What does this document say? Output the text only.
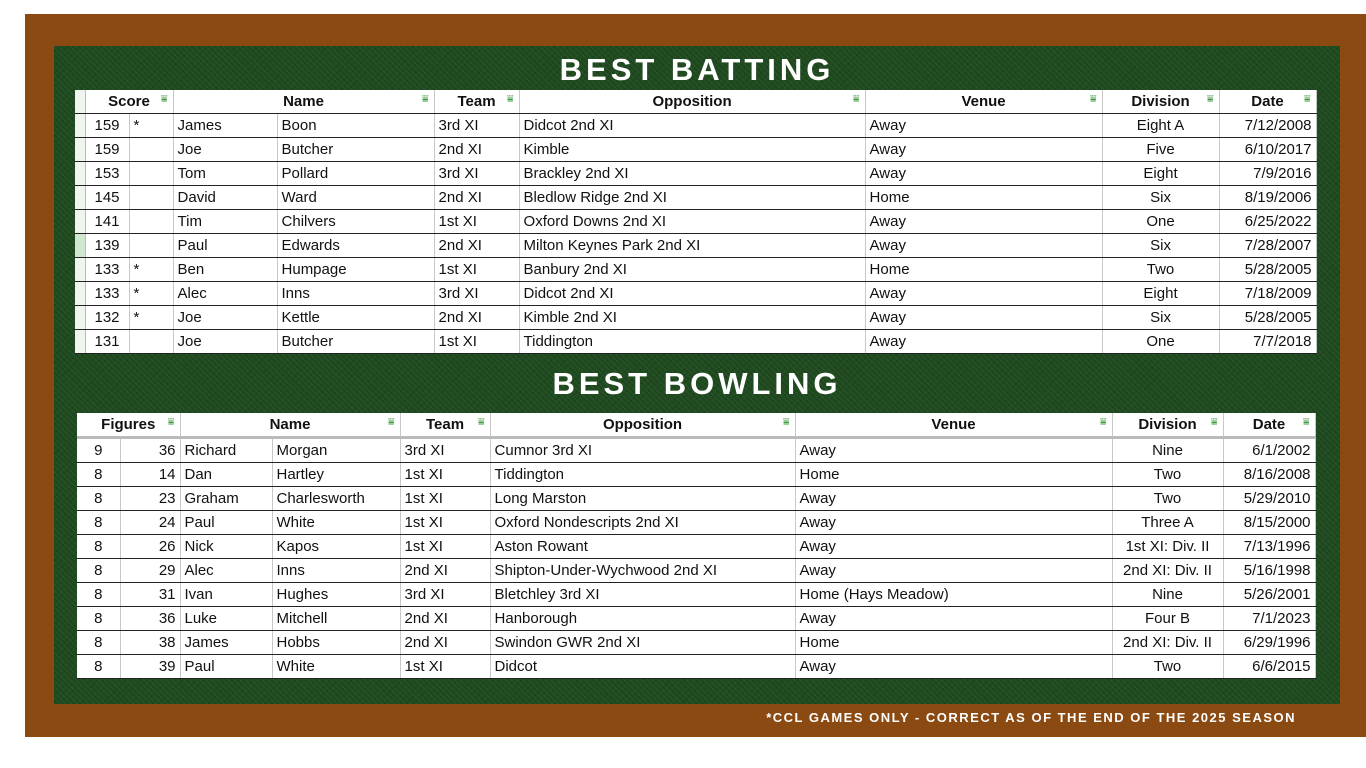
BEST BATTING
	Score ⩸		Name ⩸		Team ⩸	Opposition ⩸	Venue ⩸	Division ⩸	Date ⩸

	159	*	James	Boon	3rd XI	Didcot 2nd XI	Away	Eight A	7/12/2008
	159		Joe	Butcher	2nd XI	Kimble	Away	Five	6/10/2017
	153		Tom	Pollard	3rd XI	Brackley 2nd XI	Away	Eight	7/9/2016
	145		David	Ward	2nd XI	Bledlow Ridge 2nd XI	Home	Six	8/19/2006
	141		Tim	Chilvers	1st XI	Oxford Downs 2nd XI	Away	One	6/25/2022
	139		Paul	Edwards	2nd XI	Milton Keynes Park 2nd XI	Away	Six	7/28/2007
	133	*	Ben	Humpage	1st XI	Banbury 2nd XI	Home	Two	5/28/2005
	133	*	Alec	Inns	3rd XI	Didcot 2nd XI	Away	Eight	7/18/2009
	132	*	Joe	Kettle	2nd XI	Kimble 2nd XI	Away	Six	5/28/2005
	131		Joe	Butcher	1st XI	Tiddington	Away	One	7/7/2018
BEST BOWLING
Figures ⩸		Name ⩸		Team ⩸	Opposition ⩸	Venue ⩸	Division ⩸	Date ⩸

9	36	Richard	Morgan	3rd XI	Cumnor 3rd XI	Away	Nine	6/1/2002
8	14	Dan	Hartley	1st XI	Tiddington	Home	Two	8/16/2008
8	23	Graham	Charlesworth	1st XI	Long Marston	Away	Two	5/29/2010
8	24	Paul	White	1st XI	Oxford Nondescripts 2nd XI	Away	Three A	8/15/2000
8	26	Nick	Kapos	1st XI	Aston Rowant	Away	1st XI: Div. II	7/13/1996
8	29	Alec	Inns	2nd XI	Shipton-Under-Wychwood 2nd XI	Away	2nd XI: Div. II	5/16/1998
8	31	Ivan	Hughes	3rd XI	Bletchley 3rd XI	Home (Hays Meadow)	Nine	5/26/2001
8	36	Luke	Mitchell	2nd XI	Hanborough	Away	Four B	7/1/2023
8	38	James	Hobbs	2nd XI	Swindon GWR 2nd XI	Home	2nd XI: Div. II	6/29/1996
8	39	Paul	White	1st XI	Didcot	Away	Two	6/6/2015
*CCL GAMES ONLY - CORRECT AS OF THE END OF THE 2025 SEASON
